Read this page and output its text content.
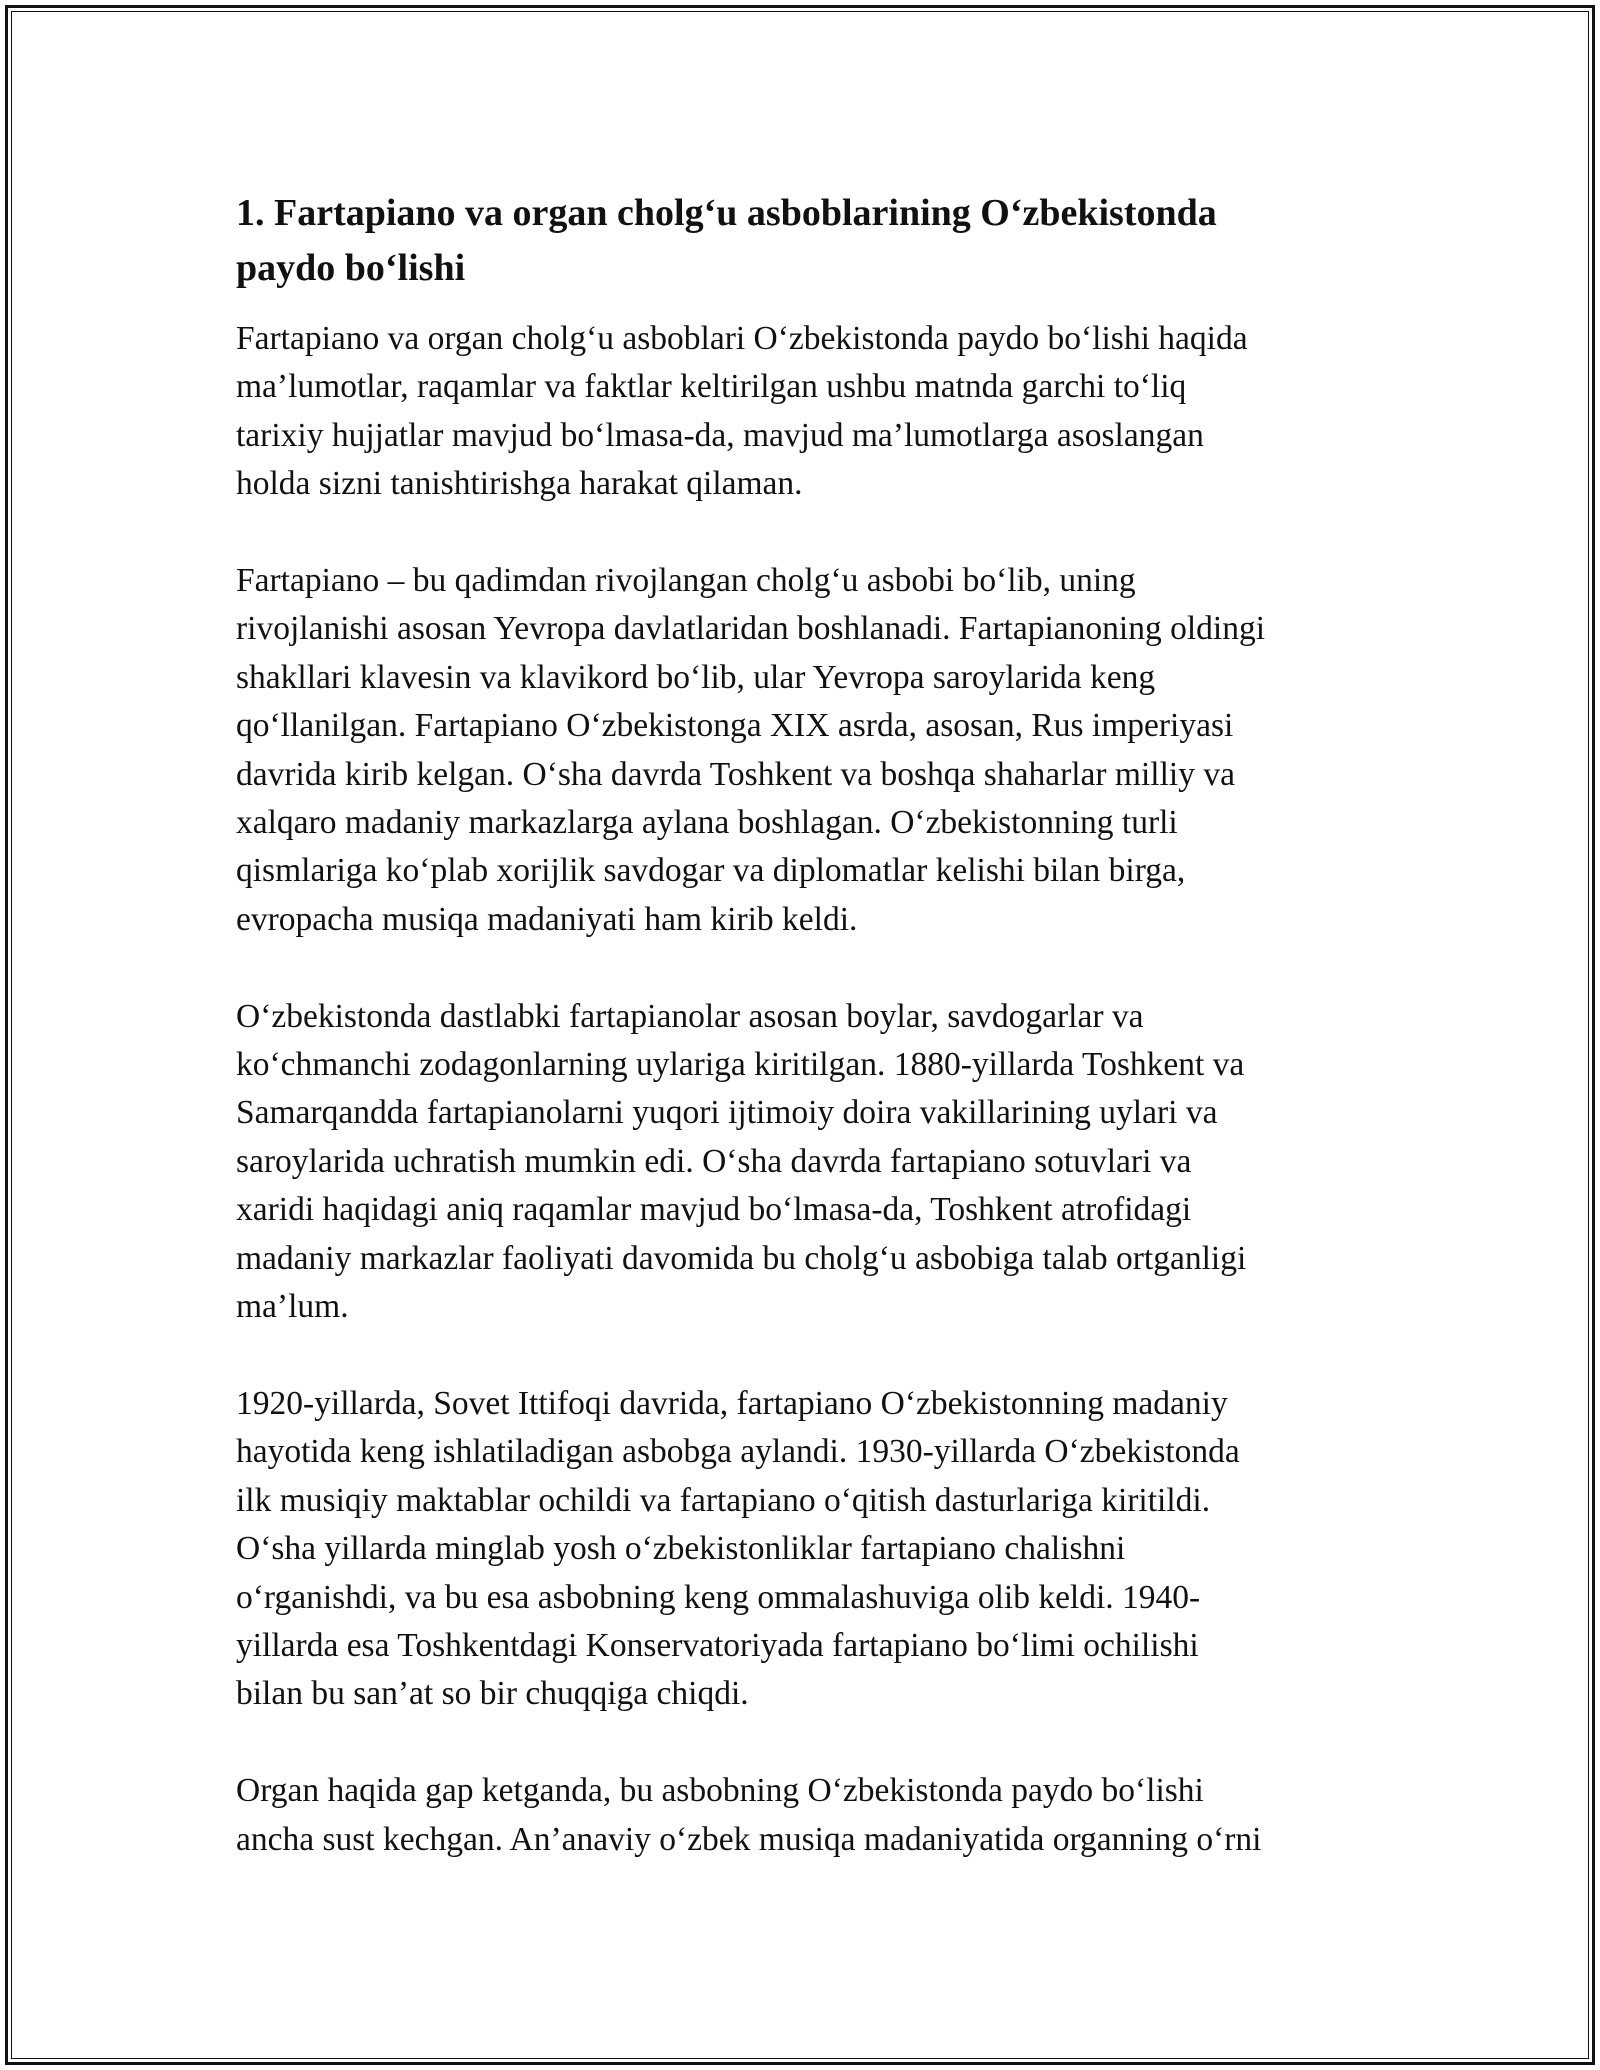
1. Fartapiano va organ cholg‘u asboblarining O‘zbekistonda
paydo bo‘lishi

Fartapiano va organ cholg‘u asboblari O‘zbekistonda paydo bo‘lishi haqida
ma’lumotlar, raqamlar va faktlar keltirilgan ushbu matnda garchi to‘liq
tarixiy hujjatlar mavjud bo‘lmasa-da, mavjud ma’lumotlarga asoslangan
holda sizni tanishtirishga harakat qilaman.

Fartapiano – bu qadimdan rivojlangan cholg‘u asbobi bo‘lib, uning
rivojlanishi asosan Yevropa davlatlaridan boshlanadi. Fartapianoning oldingi
shakllari klavesin va klavikord bo‘lib, ular Yevropa saroylarida keng
qo‘llanilgan. Fartapiano O‘zbekistonga XIX asrda, asosan, Rus imperiyasi
davrida kirib kelgan. O‘sha davrda Toshkent va boshqa shaharlar milliy va
xalqaro madaniy markazlarga aylana boshlagan. O‘zbekistonning turli
qismlariga ko‘plab xorijlik savdogar va diplomatlar kelishi bilan birga,
evropacha musiqa madaniyati ham kirib keldi.

O‘zbekistonda dastlabki fartapianolar asosan boylar, savdogarlar va
ko‘chmanchi zodagonlarning uylariga kiritilgan. 1880-yillarda Toshkent va
Samarqandda fartapianolarni yuqori ijtimoiy doira vakillarining uylari va
saroylarida uchratish mumkin edi. O‘sha davrda fartapiano sotuvlari va
xaridi haqidagi aniq raqamlar mavjud bo‘lmasa-da, Toshkent atrofidagi
madaniy markazlar faoliyati davomida bu cholg‘u asbobiga talab ortganligi
ma’lum.

1920-yillarda, Sovet Ittifoqi davrida, fartapiano O‘zbekistonning madaniy
hayotida keng ishlatiladigan asbobga aylandi. 1930-yillarda O‘zbekistonda
ilk musiqiy maktablar ochildi va fartapiano o‘qitish dasturlariga kiritildi.
O‘sha yillarda minglab yosh o‘zbekistonliklar fartapiano chalishni
o‘rganishdi, va bu esa asbobning keng ommalashuviga olib keldi. 1940-
yillarda esa Toshkentdagi Konservatoriyada fartapiano bo‘limi ochilishi
bilan bu san’at so bir chuqqiga chiqdi.

Organ haqida gap ketganda, bu asbobning O‘zbekistonda paydo bo‘lishi
ancha sust kechgan. An’anaviy o‘zbek musiqa madaniyatida organning o‘rni
